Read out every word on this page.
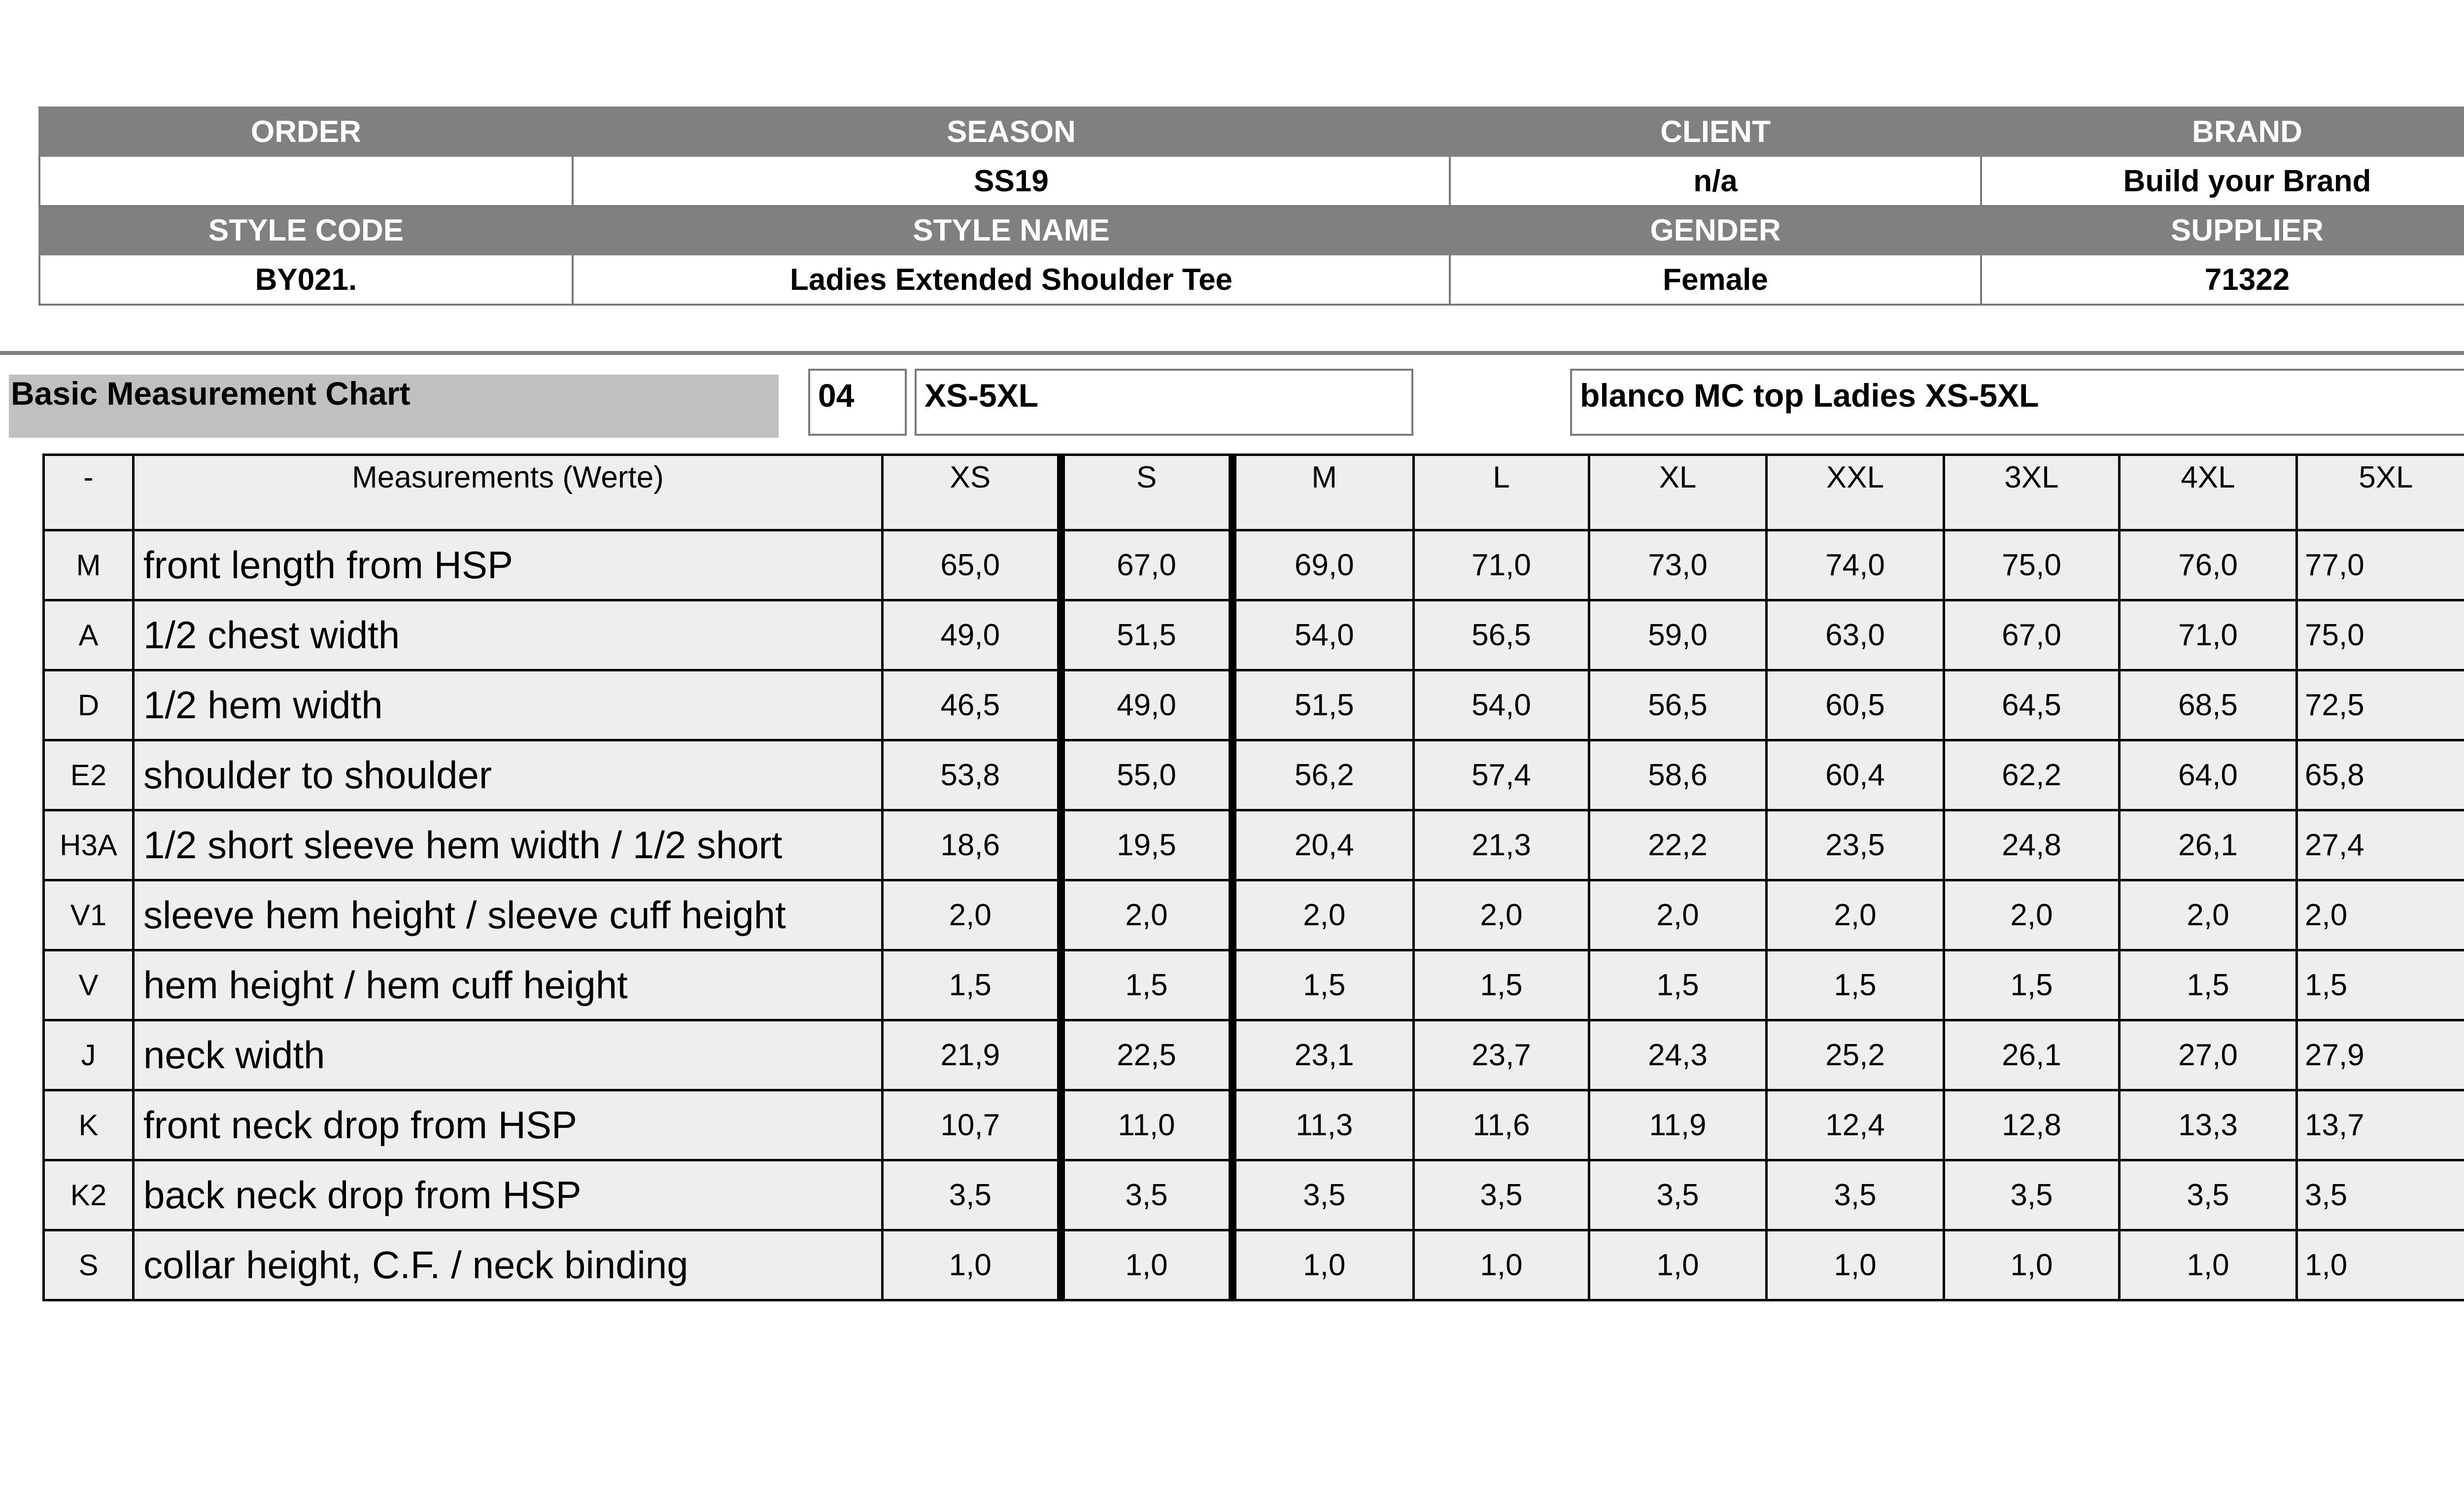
ORDER	SEASON	CLIENT	BRAND
	SS19	n/a	Build your Brand
STYLE CODE	STYLE NAME	GENDER	SUPPLIER
BY021.	Ladies Extended Shoulder Tee	Female	71322
Basic Measurement Chart	04	XS-5XL	blanco MC top Ladies XS-5XL
-	Measurements (Werte)	XS	S	M	L	XL	XXL	3XL	4XL	5XL		
M	front length from HSP	65,0	67,0	69,0	71,0	73,0	74,0	75,0	76,0	77,0		
A	1/2 chest width	49,0	51,5	54,0	56,5	59,0	63,0	67,0	71,0	75,0		
D	1/2 hem width	46,5	49,0	51,5	54,0	56,5	60,5	64,5	68,5	72,5		
E2	shoulder to shoulder	53,8	55,0	56,2	57,4	58,6	60,4	62,2	64,0	65,8		
H3A	1/2 short sleeve hem width / 1/2 short	18,6	19,5	20,4	21,3	22,2	23,5	24,8	26,1	27,4		
V1	sleeve hem height / sleeve cuff height	2,0	2,0	2,0	2,0	2,0	2,0	2,0	2,0	2,0		
V	hem height / hem cuff height	1,5	1,5	1,5	1,5	1,5	1,5	1,5	1,5	1,5		
J	neck width	21,9	22,5	23,1	23,7	24,3	25,2	26,1	27,0	27,9		
K	front neck drop from HSP	10,7	11,0	11,3	11,6	11,9	12,4	12,8	13,3	13,7		
K2	back neck drop from HSP	3,5	3,5	3,5	3,5	3,5	3,5	3,5	3,5	3,5		
S	collar height, C.F. / neck binding	1,0	1,0	1,0	1,0	1,0	1,0	1,0	1,0	1,0		
